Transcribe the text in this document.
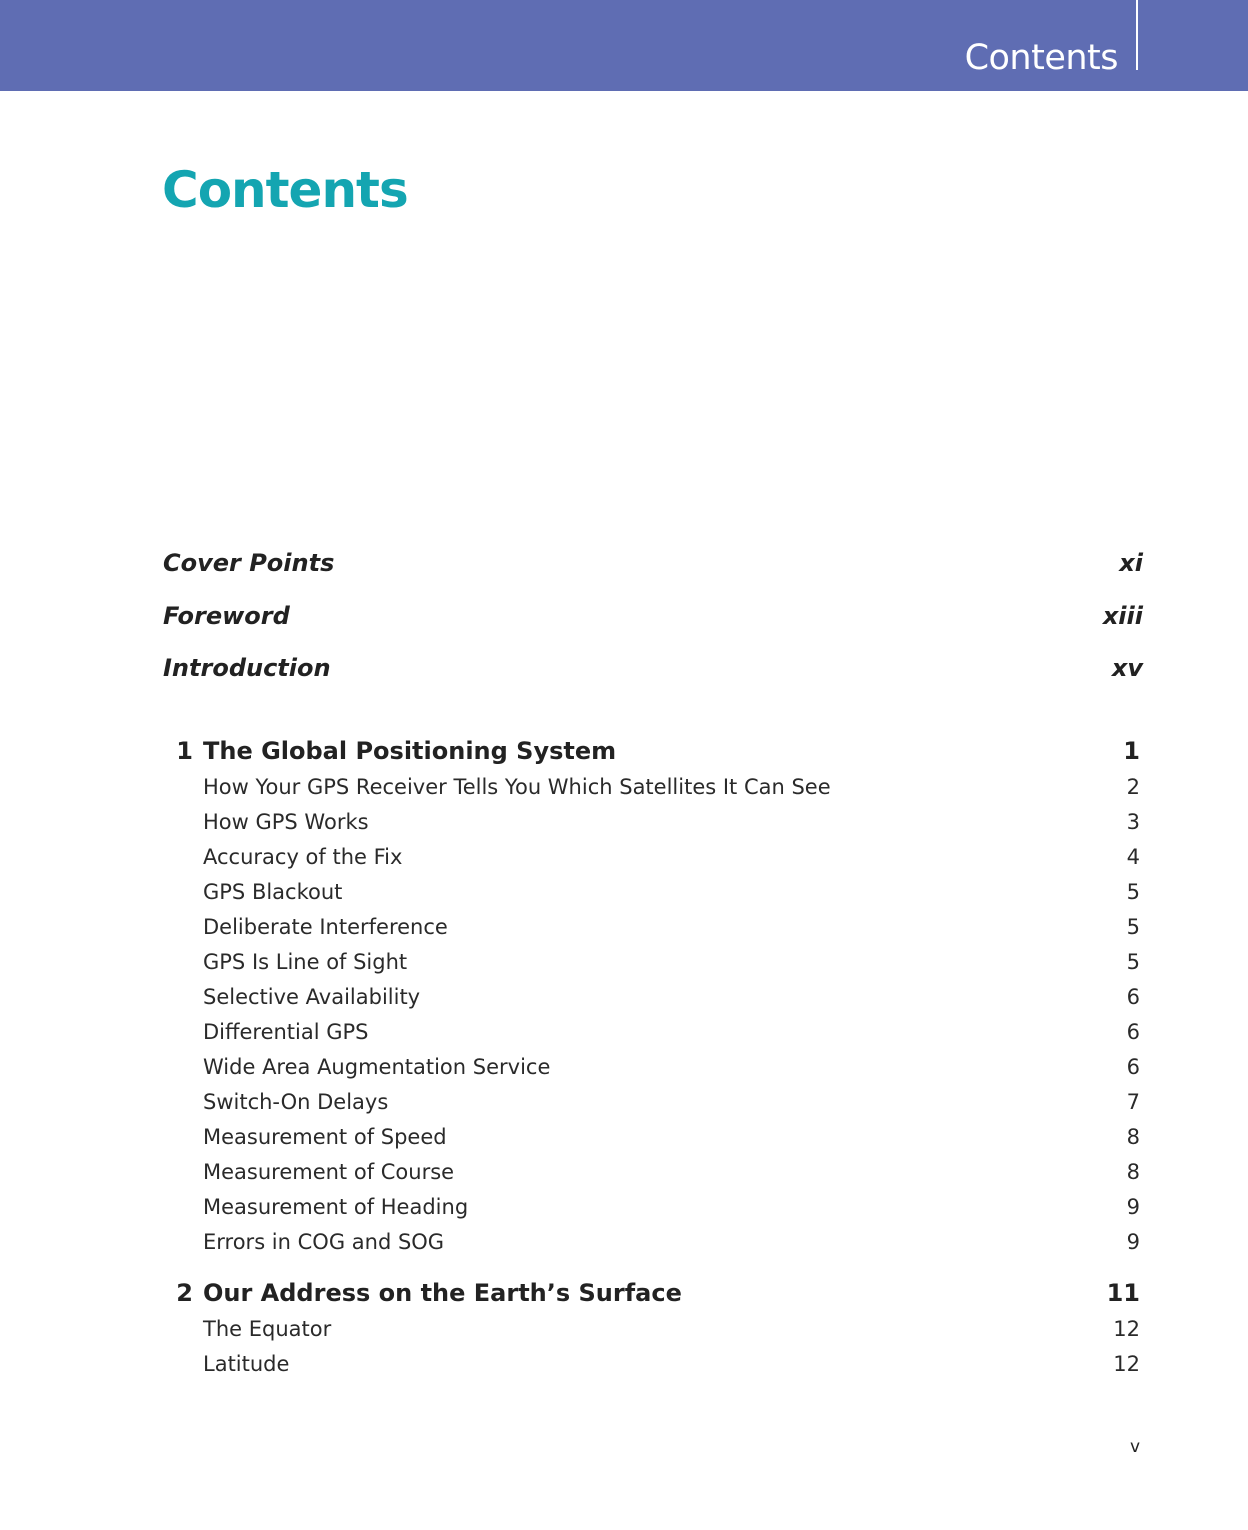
Contents
Contents
Cover Points	xi
Foreword	xiii
Introduction	xv
1 The Global Positioning System	1
How Your GPS Receiver Tells You Which Satellites It Can See	2
How GPS Works	3
Accuracy of the Fix	4
GPS Blackout	5
Deliberate Interference	5
GPS Is Line of Sight	5
Selective Availability	6
Differential GPS	6
Wide Area Augmentation Service	6
Switch-On Delays	7
Measurement of Speed	8
Measurement of Course	8
Measurement of Heading	9
Errors in COG and SOG	9
2 Our Address on the Earth’s Surface	11
The Equator	12
Latitude	12
v
